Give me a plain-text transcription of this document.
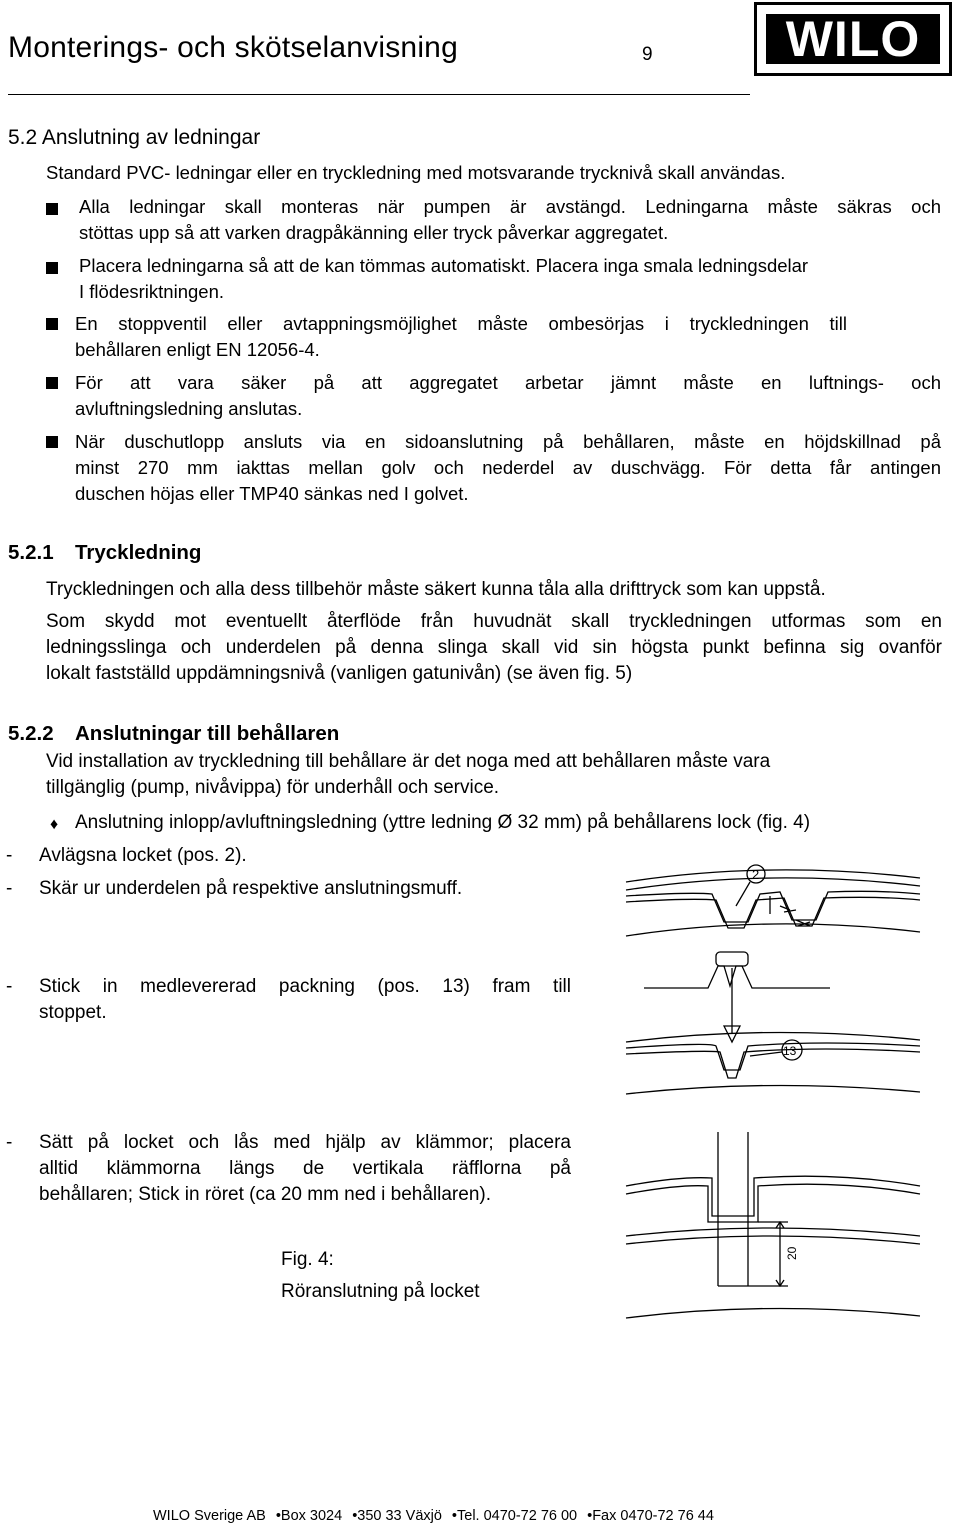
Monterings- och skötselanvisning	9	WILO
5.2 Anslutning av ledningar
Standard PVC- ledningar eller en tryckledning med motsvarande trycknivå skall användas.
Alla ledningar skall monteras när pumpen är avstängd. Ledningarna måste säkras och
stöttas upp så att varken dragpåkänning eller tryck påverkar aggregatet.
Placera ledningarna så att de kan tömmas automatiskt. Placera inga smala ledningsdelar
I flödesriktningen.
En stoppventil eller avtappningsmöjlighet måste ombesörjas i tryckledningen till
behållaren enligt EN 12056-4.
För att vara säker på att aggregatet arbetar jämnt måste en luftnings- och
avluftningsledning anslutas.
När duschutlopp ansluts via en sidoanslutning på behållaren, måste en höjdskillnad på
minst 270 mm iakttas mellan golv och nederdel av duschvägg. För detta får antingen
duschen höjas eller TMP40 sänkas ned I golvet.
5.2.1 Tryckledning
Tryckledningen och alla dess tillbehör måste säkert kunna tåla alla drifttryck som kan uppstå.
Som skydd mot eventuellt återflöde från huvudnät skall tryckledningen utformas som en
ledningsslinga och underdelen på denna slinga skall vid sin högsta punkt befinna sig ovanför
lokalt fastställd uppdämningsnivå (vanligen gatunivån) (se även fig. 5)
5.2.2 Anslutningar till behållaren
Vid installation av tryckledning till behållare är det noga med att behållaren måste vara
tillgänglig (pump, nivåvippa) för underhåll och service.
♦ Anslutning inlopp/avluftningsledning (yttre ledning Ø 32 mm) på behållarens lock (fig. 4)
- Avlägsna locket (pos. 2).
- Skär ur underdelen på respektive anslutningsmuff.
- Stick in medlevererad packning (pos. 13) fram till
stoppet.
- Sätt på locket och lås med hjälp av klämmor; placera
alltid klämmorna längs de vertikala räfflorna på
behållaren; Stick in röret (ca 20 mm ned i behållaren).
Fig. 4:
Röranslutning på locket
2
13
20
WILO Sverige AB •Box 3024 •350 33 Växjö •Tel. 0470-72 76 00 •Fax 0470-72 76 44
